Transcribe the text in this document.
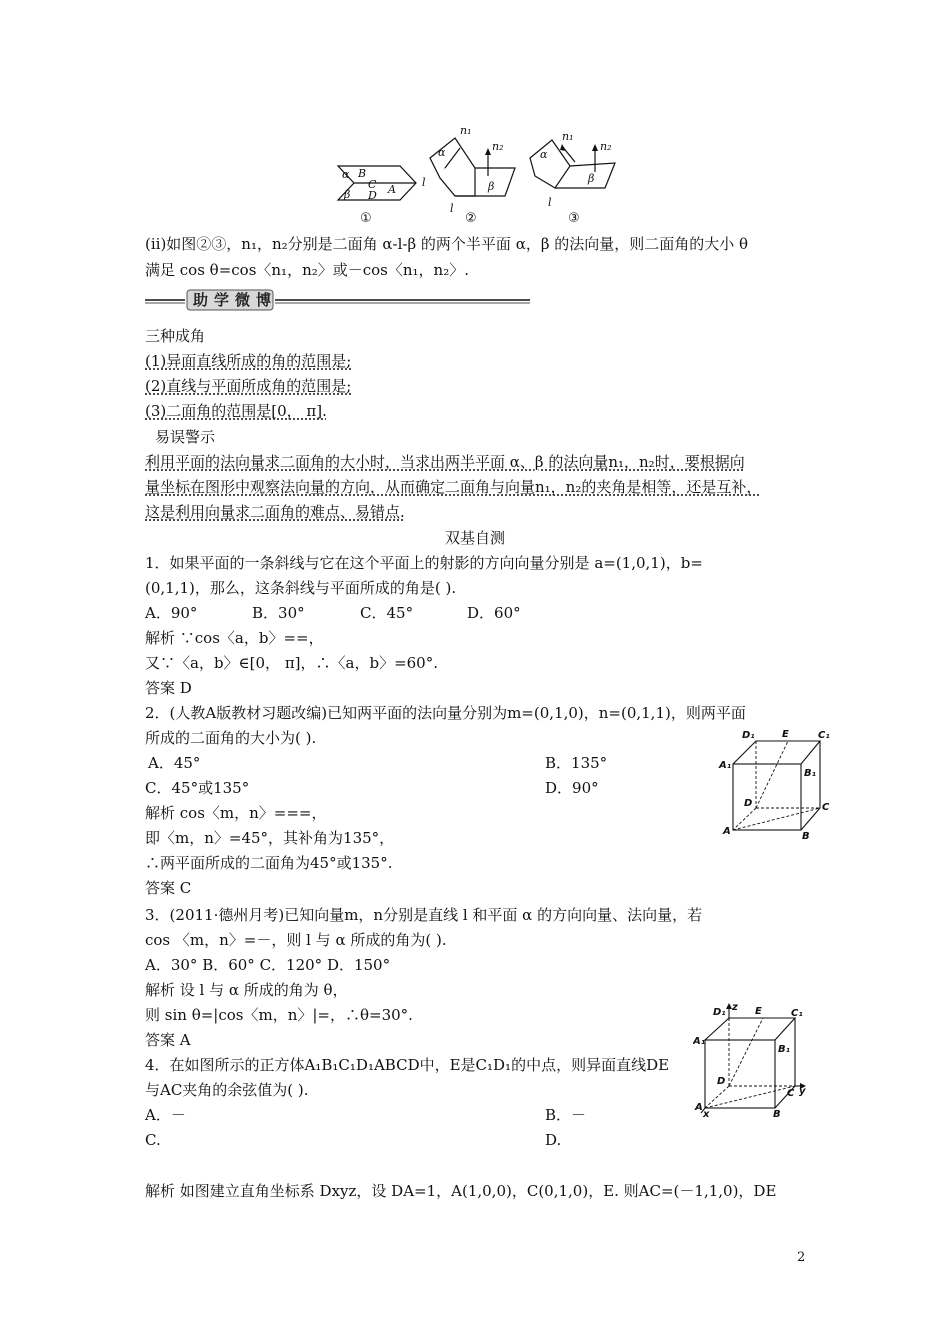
α B
C A
D
β
l
n₁
n₂
α
β
l
n₁
n₂
α
β
l
①	②	③
(ⅱ)如图②③，n₁，n₂分别是二面角 α-l-β 的两个半平面 α，β 的法向量，则二面角的大小 θ
满足 cos θ=cos〈n₁，n₂〉或－cos〈n₁，n₂〉.
助学微博
三种成角
(1)异面直线所成的角的范围是;
(2)直线与平面所成角的范围是;
(3)二面角的范围是[0， π].
易误警示
利用平面的法向量求二面角的大小时，当求出两半平面 α、β 的法向量n₁，n₂时，要根据向
量坐标在图形中观察法向量的方向，从而确定二面角与向量n₁，n₂的夹角是相等，还是互补，
这是利用向量求二面角的难点、易错点.
双基自测
1．如果平面的一条斜线与它在这个平面上的射影的方向向量分别是 a=(1,0,1)，b=
(0,1,1)，那么，这条斜线与平面所成的角是( ).
A．90°	B．30°	C．45°	D．60°
解析 ∵cos〈a，b〉==，
又∵〈a，b〉∈[0， π]，∴〈a，b〉=60°.
答案 D
2．(人教A版教材习题改编)已知两平面的法向量分别为m=(0,1,0)，n=(0,1,1)，则两平面
所成的二面角的大小为( ).
A．45°	B．135°
C．45°或135°	D．90°
解析 cos〈m，n〉===，
即〈m，n〉=45°，其补角为135°，
∴两平面所成的二面角为45°或135°.
答案 C
D₁	E	C₁
A₁
B₁
D	C
A	B
3．(2011·德州月考)已知向量m，n分别是直线 l 和平面 α 的方向向量、法向量，若
cos 〈m，n〉=－，则 l 与 α 所成的角为( ).
A．30° B．60° C．120° D．150°
解析 设 l 与 α 所成的角为 θ，
则 sin θ=|cos〈m，n〉|=，∴θ=30°.
答案 A
4．在如图所示的正方体A₁B₁C₁D₁ABCD中，E是C₁D₁的中点，则异面直线DE
与AC夹角的余弦值为( ).
A．－	B．－
C.	D.
D₁ z E	C₁
A₁
B₁
D
C y
A
x	B
解析 如图建立直角坐标系 Dxyz，设 DA=1，A(1,0,0)，C(0,1,0)，E. 则AC=(－1,1,0)，DE
2
